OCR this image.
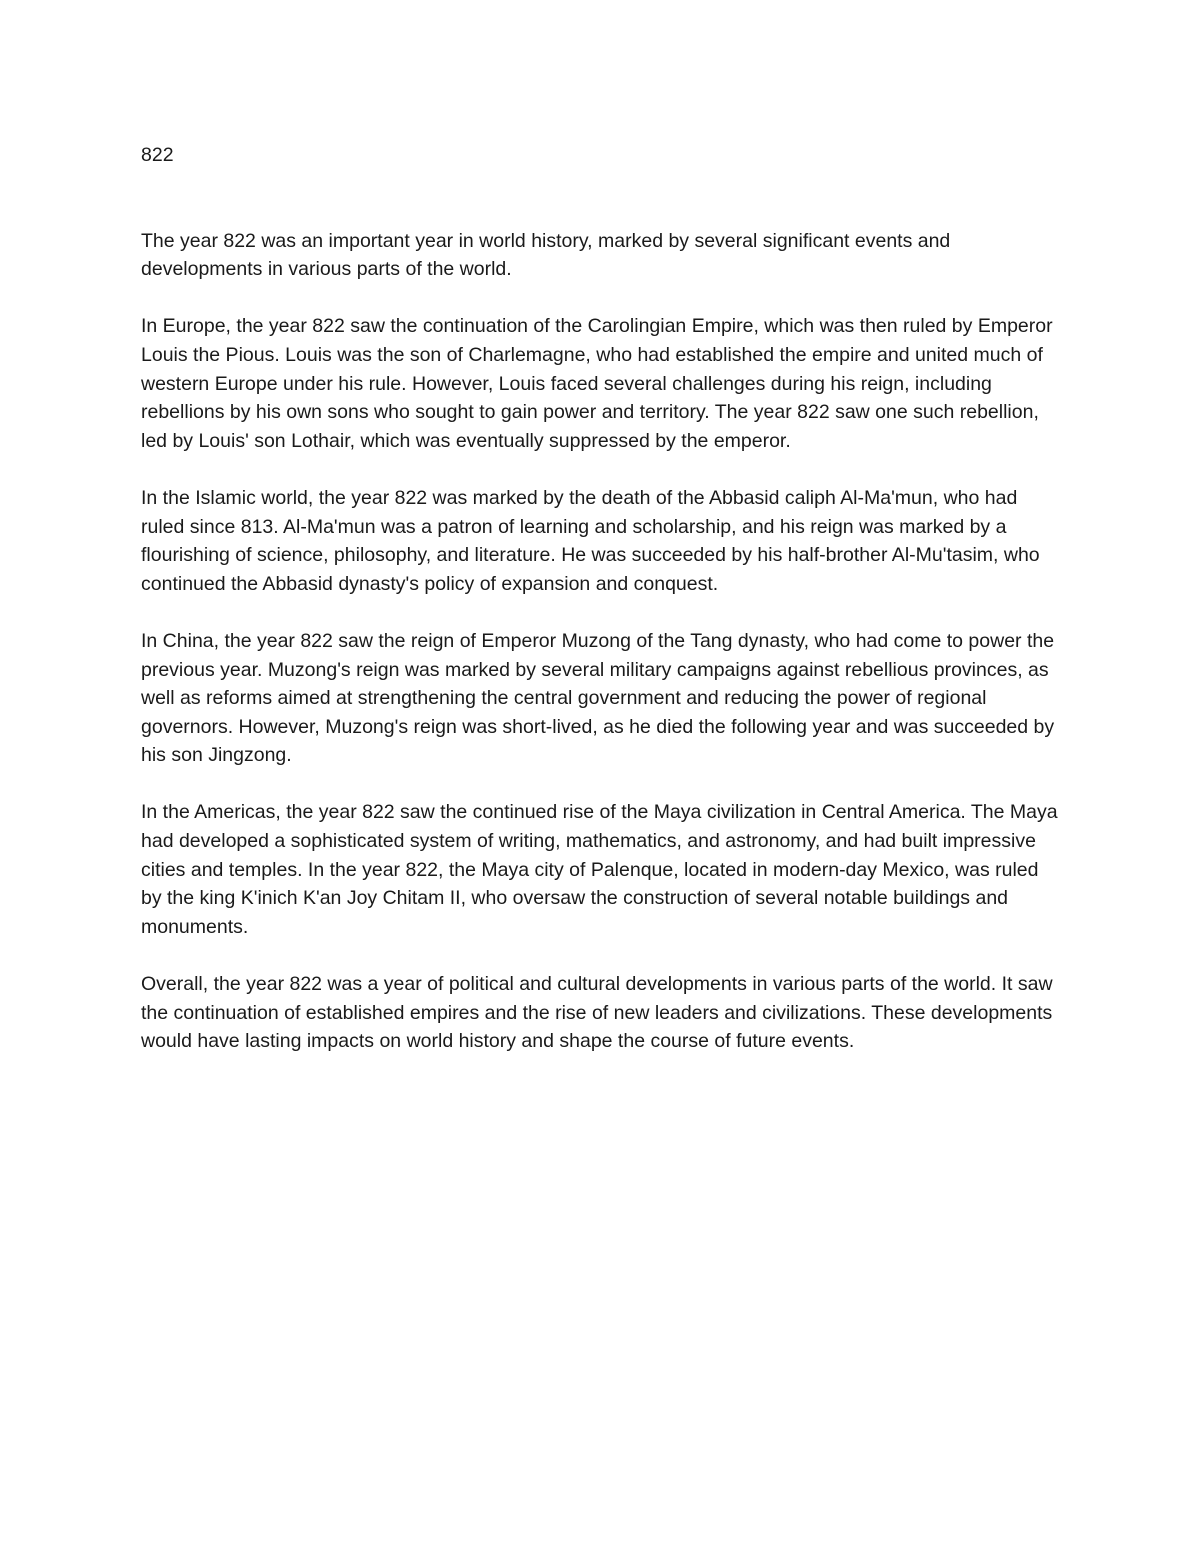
822

The year 822 was an important year in world history, marked by several significant events and developments in various parts of the world.

In Europe, the year 822 saw the continuation of the Carolingian Empire, which was then ruled by Emperor Louis the Pious. Louis was the son of Charlemagne, who had established the empire and united much of western Europe under his rule. However, Louis faced several challenges during his reign, including rebellions by his own sons who sought to gain power and territory. The year 822 saw one such rebellion, led by Louis' son Lothair, which was eventually suppressed by the emperor.

In the Islamic world, the year 822 was marked by the death of the Abbasid caliph Al-Ma'mun, who had ruled since 813. Al-Ma'mun was a patron of learning and scholarship, and his reign was marked by a flourishing of science, philosophy, and literature. He was succeeded by his half-brother Al-Mu'tasim, who continued the Abbasid dynasty's policy of expansion and conquest.

In China, the year 822 saw the reign of Emperor Muzong of the Tang dynasty, who had come to power the previous year. Muzong's reign was marked by several military campaigns against rebellious provinces, as well as reforms aimed at strengthening the central government and reducing the power of regional governors. However, Muzong's reign was short-lived, as he died the following year and was succeeded by his son Jingzong.

In the Americas, the year 822 saw the continued rise of the Maya civilization in Central America. The Maya had developed a sophisticated system of writing, mathematics, and astronomy, and had built impressive cities and temples. In the year 822, the Maya city of Palenque, located in modern-day Mexico, was ruled by the king K'inich K'an Joy Chitam II, who oversaw the construction of several notable buildings and monuments.

Overall, the year 822 was a year of political and cultural developments in various parts of the world. It saw the continuation of established empires and the rise of new leaders and civilizations. These developments would have lasting impacts on world history and shape the course of future events.
